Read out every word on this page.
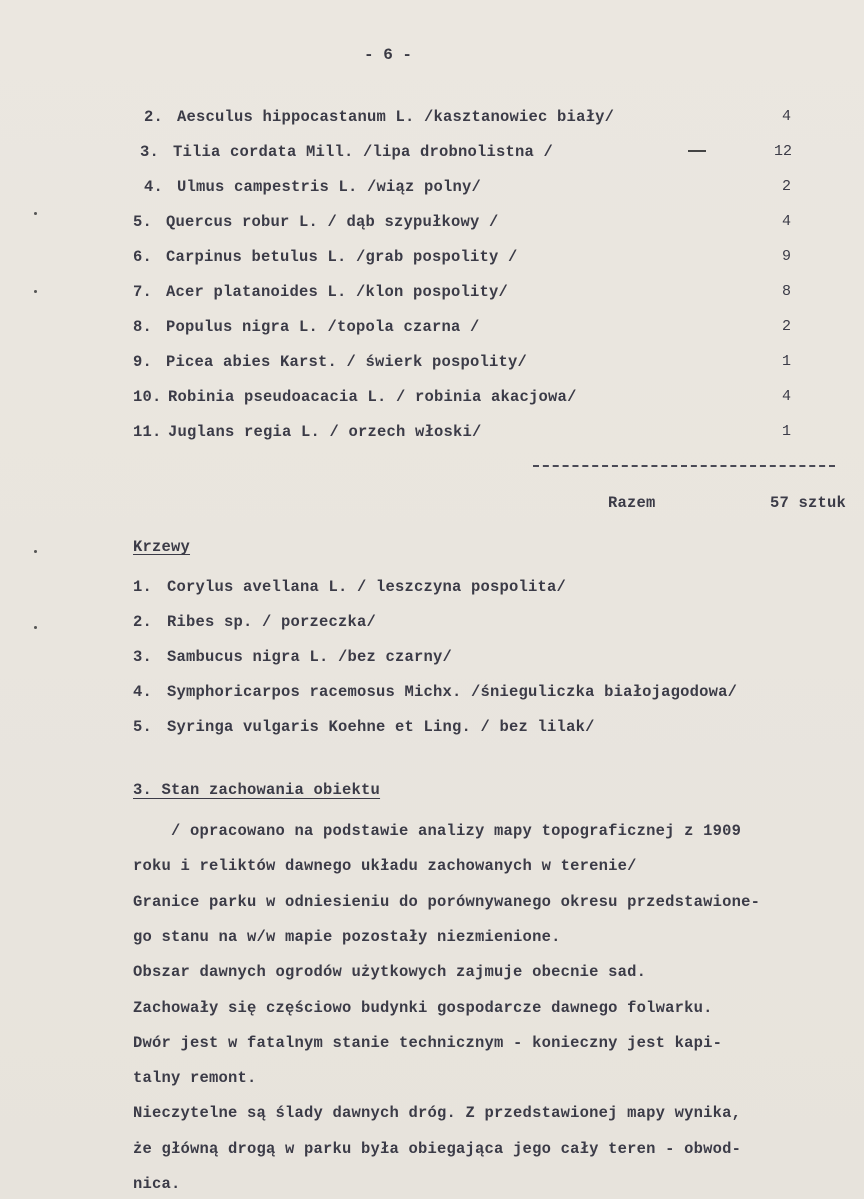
- 6 -
2. Aesculus hippocastanum L. /kasztanowiec biały/	4
3. Tilia cordata Mill. /lipa drobnolistna /	12
4. Ulmus campestris L. /wiąz polny/	2
5. Quercus robur L. / dąb szypułkowy /	4
6. Carpinus betulus L. /grab pospolity /	9
7. Acer platanoides L. /klon pospolity/	8
8. Populus nigra L. /topola czarna /	2
9. Picea abies Karst. / świerk pospolity/	1
10. Robinia pseudoacacia L. / robinia akacjowa/	4
11. Juglans regia L. / orzech włoski/	1
Razem	57 sztuk
Krzewy
1. Corylus avellana L. / leszczyna pospolita/
2. Ribes sp. / porzeczka/
3. Sambucus nigra L. /bez czarny/
4. Symphoricarpos racemosus Michx. /śnieguliczka białojagodowa/
5. Syringa vulgaris Koehne et Ling. / bez lilak/
3. Stan zachowania obiektu
/ opracowano na podstawie analizy mapy topograficznej z 1909
roku i reliktów dawnego układu zachowanych w terenie/
Granice parku w odniesieniu do porównywanego okresu przedstawione-
go stanu na w/w mapie pozostały niezmienione.
Obszar dawnych ogrodów użytkowych zajmuje obecnie sad.
Zachowały się częściowo budynki gospodarcze dawnego folwarku.
Dwór jest w fatalnym stanie technicznym - konieczny jest kapi-
talny remont.
Nieczytelne są ślady dawnych dróg. Z przedstawionej mapy wynika,
że główną drogą w parku była obiegająca jego cały teren - obwod-
nica.
